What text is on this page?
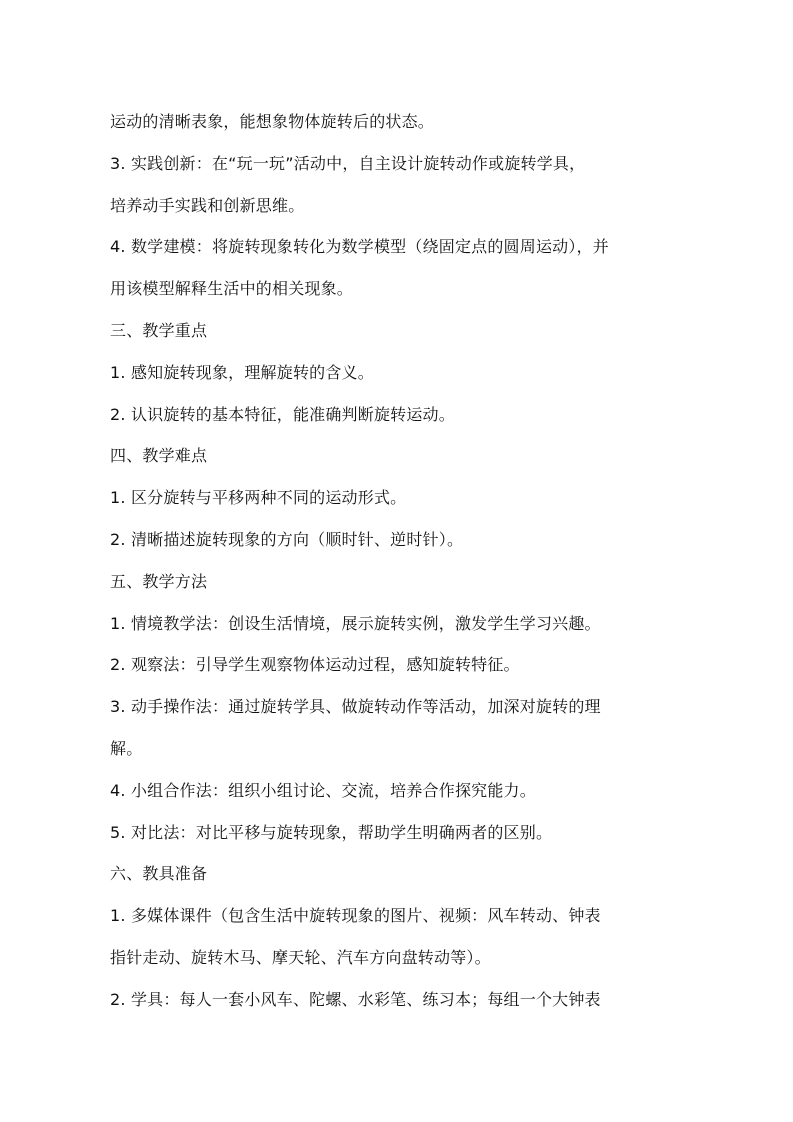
运动的清晰表象，能想象物体旋转后的状态。
3. 实践创新：在“玩一玩”活动中，自主设计旋转动作或旋转学具，
培养动手实践和创新思维。
4. 数学建模：将旋转现象转化为数学模型（绕固定点的圆周运动），并
用该模型解释生活中的相关现象。
三、教学重点
1. 感知旋转现象，理解旋转的含义。
2. 认识旋转的基本特征，能准确判断旋转运动。
四、教学难点
1. 区分旋转与平移两种不同的运动形式。
2. 清晰描述旋转现象的方向（顺时针、逆时针）。
五、教学方法
1. 情境教学法：创设生活情境，展示旋转实例，激发学生学习兴趣。
2. 观察法：引导学生观察物体运动过程，感知旋转特征。
3. 动手操作法：通过旋转学具、做旋转动作等活动，加深对旋转的理
解。
4. 小组合作法：组织小组讨论、交流，培养合作探究能力。
5. 对比法：对比平移与旋转现象，帮助学生明确两者的区别。
六、教具准备
1. 多媒体课件（包含生活中旋转现象的图片、视频：风车转动、钟表
指针走动、旋转木马、摩天轮、汽车方向盘转动等）。
2. 学具：每人一套小风车、陀螺、水彩笔、练习本；每组一个大钟表
